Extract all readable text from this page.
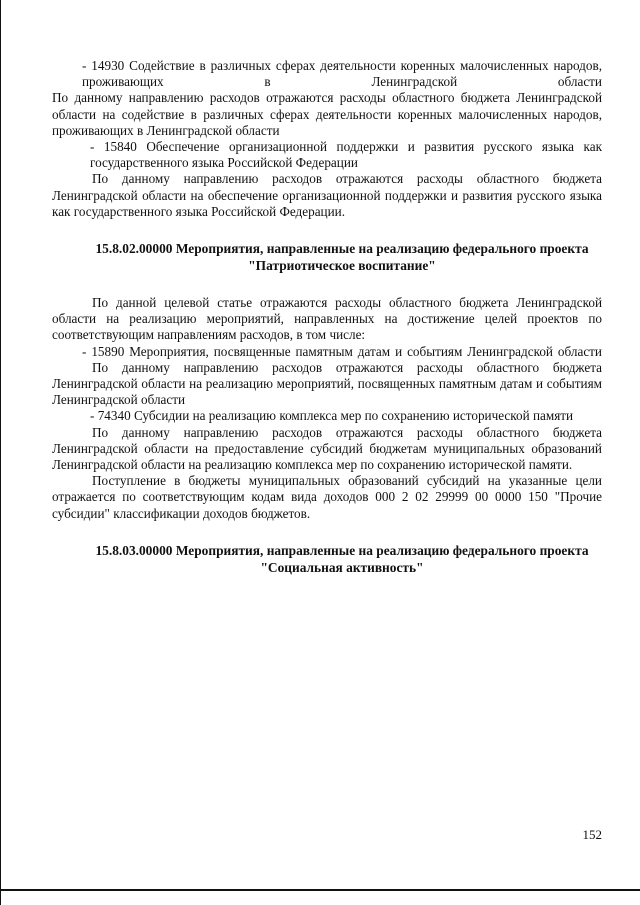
- 14930 Содействие в различных сферах деятельности коренных малочисленных народов, проживающих в Ленинградской области

По данному направлению расходов отражаются расходы областного бюджета Ленинградской области на содействие в различных сферах деятельности коренных малочисленных народов, проживающих в Ленинградской области

- 15840 Обеспечение организационной поддержки и развития русского языка как государственного языка Российской Федерации

По данному направлению расходов отражаются расходы областного бюджета Ленинградской области на обеспечение организационной поддержки и развития русского языка как государственного языка Российской Федерации.

15.8.02.00000 Мероприятия, направленные на реализацию федерального проекта "Патриотическое воспитание"

По данной целевой статье отражаются расходы областного бюджета Ленинградской области на реализацию мероприятий, направленных на достижение целей проектов по соответствующим направлениям расходов, в том числе:

- 15890 Мероприятия, посвященные памятным датам и событиям Ленинградской области

По данному направлению расходов отражаются расходы областного бюджета Ленинградской области на реализацию мероприятий, посвященных памятным датам и событиям Ленинградской области

- 74340 Субсидии на реализацию комплекса мер по сохранению исторической памяти

По данному направлению расходов отражаются расходы областного бюджета Ленинградской области на предоставление субсидий бюджетам муниципальных образований Ленинградской области на реализацию комплекса мер по сохранению исторической памяти.

Поступление в бюджеты муниципальных образований субсидий на указанные цели отражается по соответствующим кодам вида доходов 000 2 02 29999 00 0000 150 "Прочие субсидии" классификации доходов бюджетов.

15.8.03.00000 Мероприятия, направленные на реализацию федерального проекта "Социальная активность"

152
